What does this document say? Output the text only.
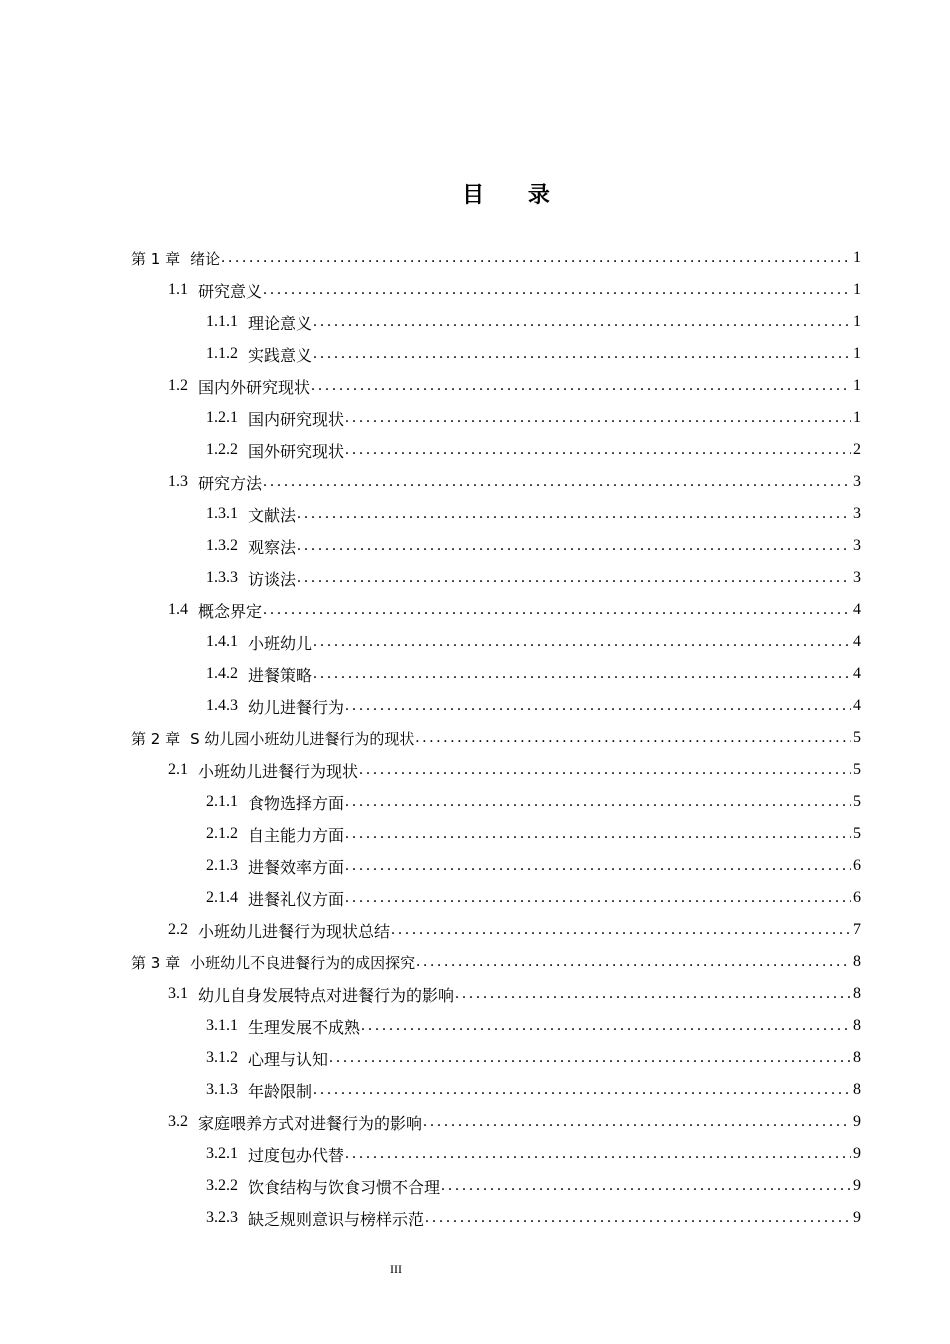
目 录
第 1 章 绪论 .....	1
1.1 研究意义 .....	1
1.1.1 理论意义 .....	1
1.1.2 实践意义 .....	1
1.2 国内外研究现状 .....	1
1.2.1 国内研究现状 .....	1
1.2.2 国外研究现状 .....	2
1.3 研究方法 .....	3
1.3.1 文献法 .....	3
1.3.2 观察法 .....	3
1.3.3 访谈法 .....	3
1.4 概念界定 .....	4
1.4.1 小班幼儿 .....	4
1.4.2 进餐策略 .....	4
1.4.3 幼儿进餐行为 .....	4
第 2 章 S 幼儿园小班幼儿进餐行为的现状 .....	5
2.1 小班幼儿进餐行为现状 .....	5
2.1.1 食物选择方面 .....	5
2.1.2 自主能力方面 .....	5
2.1.3 进餐效率方面 .....	6
2.1.4 进餐礼仪方面 .....	6
2.2 小班幼儿进餐行为现状总结 .....	7
第 3 章 小班幼儿不良进餐行为的成因探究 .....	8
3.1 幼儿自身发展特点对进餐行为的影响 .....	8
3.1.1 生理发展不成熟 .....	8
3.1.2 心理与认知 .....	8
3.1.3 年龄限制 .....	8
3.2 家庭喂养方式对进餐行为的影响 .....	9
3.2.1 过度包办代替 .....	9
3.2.2 饮食结构与饮食习惯不合理 .....	9
3.2.3 缺乏规则意识与榜样示范 .....	9
III
